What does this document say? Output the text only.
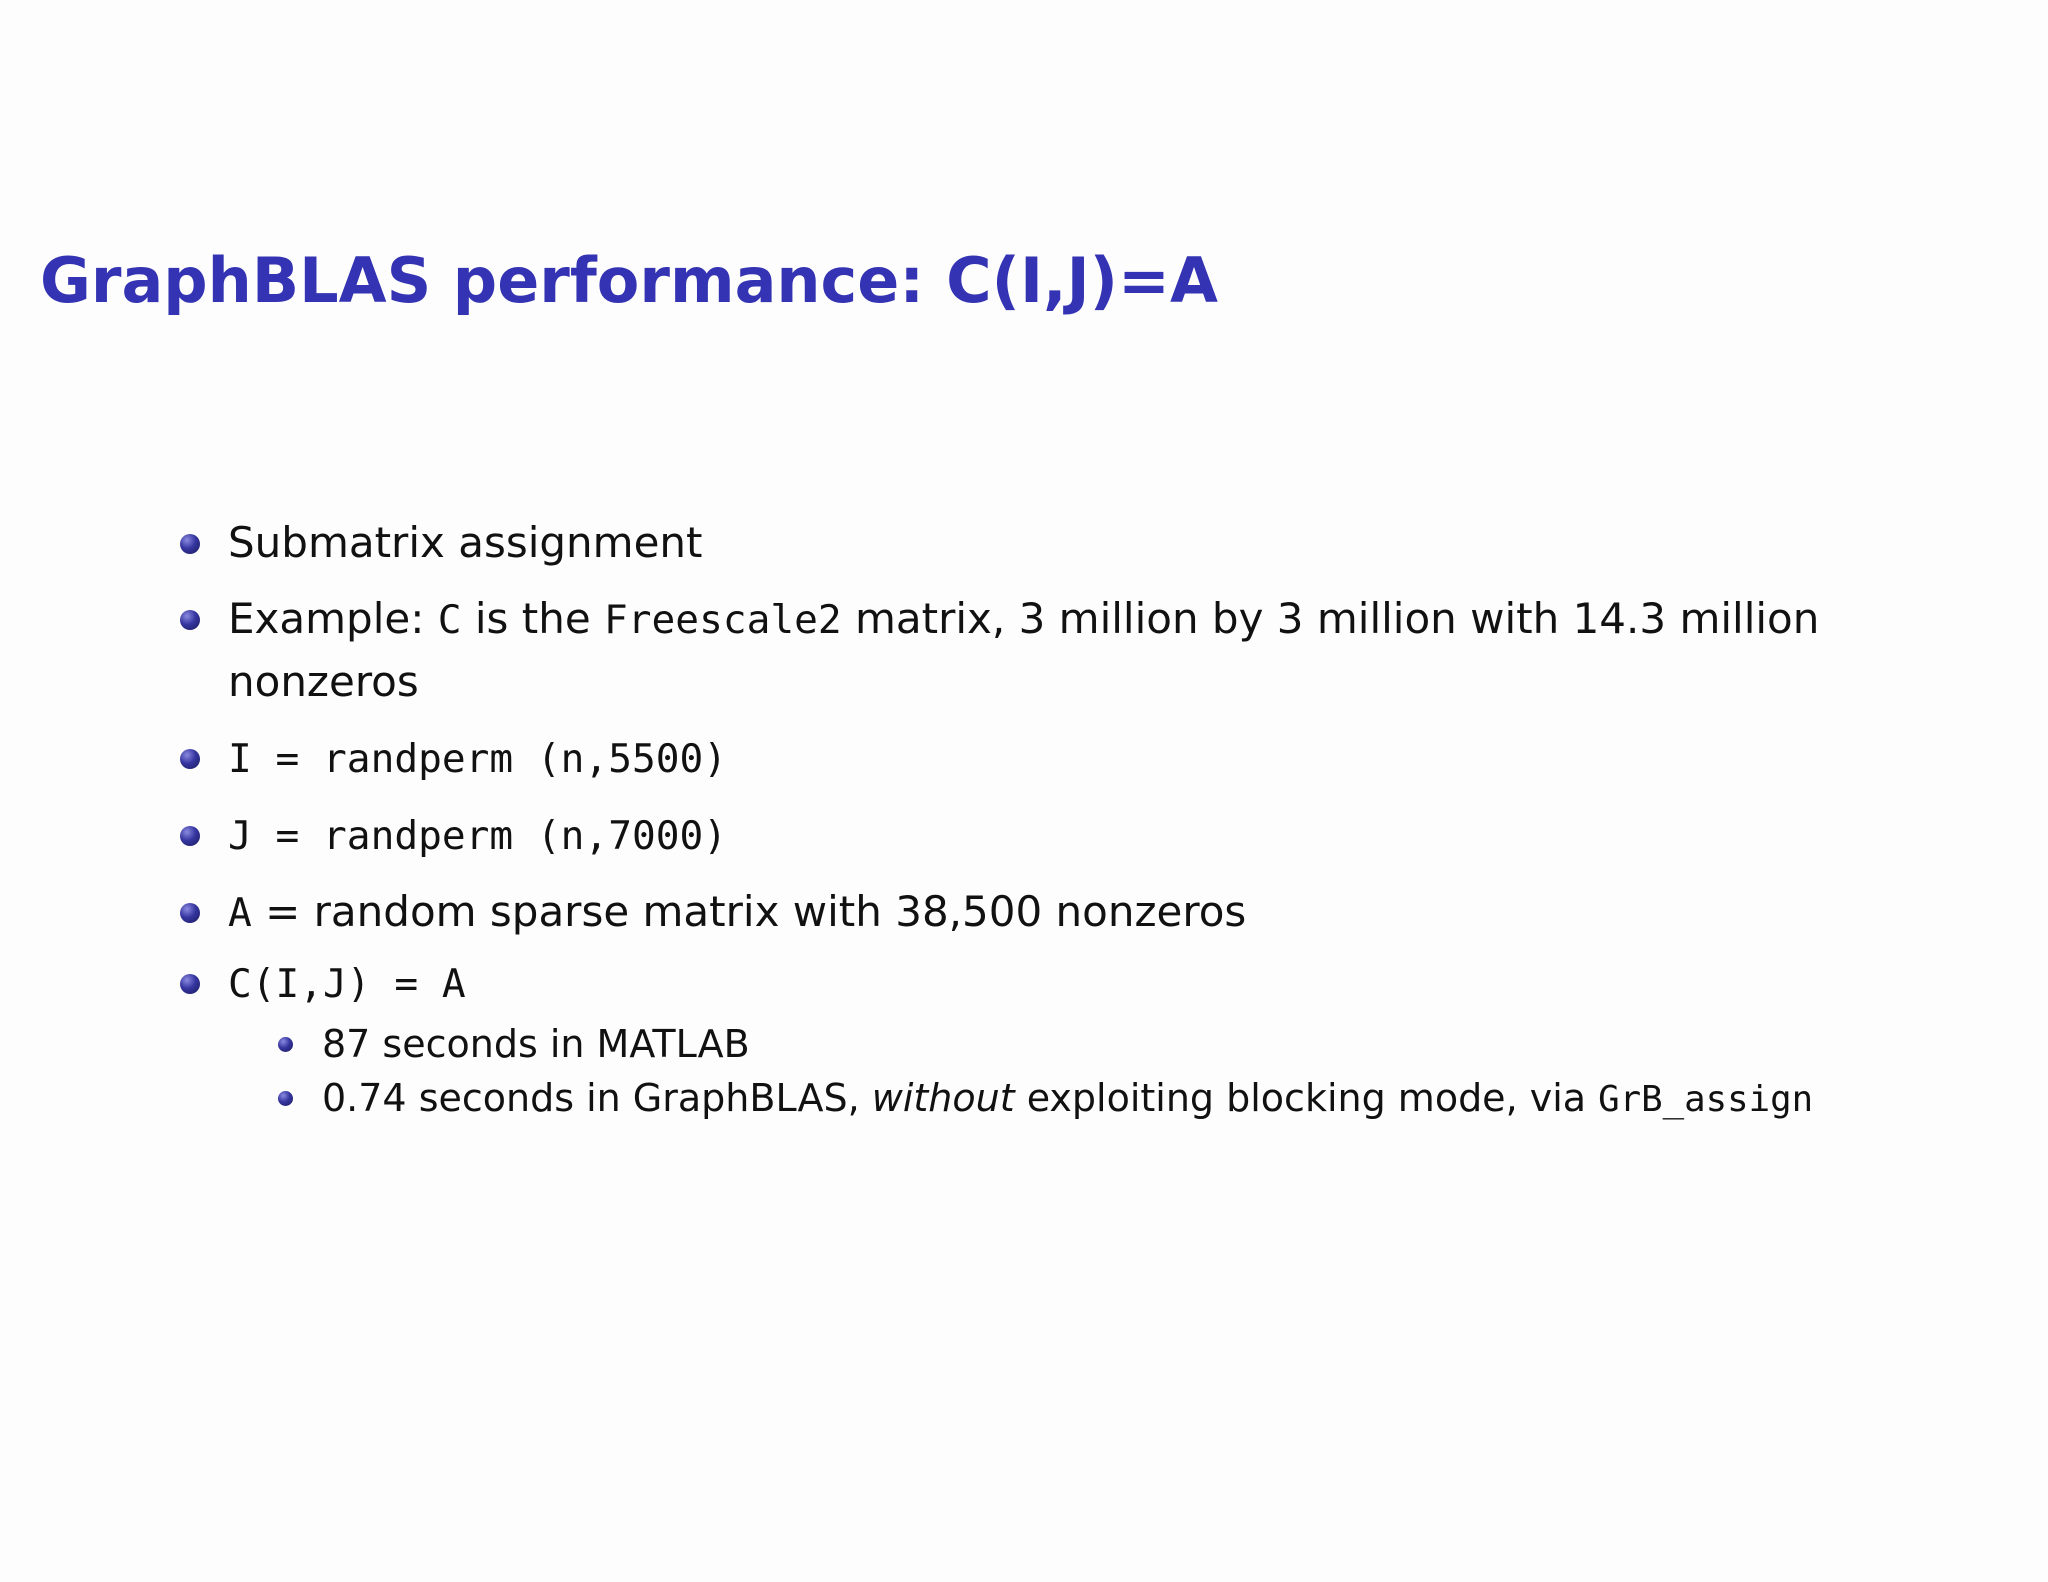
GraphBLAS performance: C(I,J)=A
Submatrix assignment
Example: C is the Freescale2 matrix, 3 million by 3 million with 14.3 million nonzeros
I = randperm (n,5500)
J = randperm (n,7000)
A = random sparse matrix with 38,500 nonzeros
C(I,J) = A
87 seconds in MATLAB
0.74 seconds in GraphBLAS, without exploiting blocking mode, via GrB_assign
